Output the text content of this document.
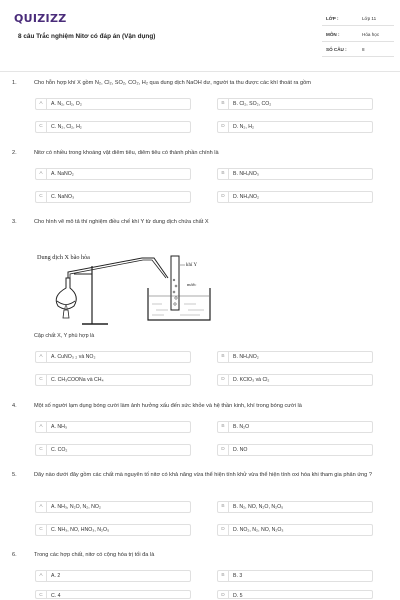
QUIZIZZ
8 câu Trắc nghiệm Nitơ có đáp án (Vận dụng)
LỚP :	Lớp 11
MÔN :	Hóa học
SỐ CÂU :	8
1.	Cho hỗn hợp khí X gồm N₂, Cl₂, SO₂, CO₂, H₂ qua dung dịch NaOH dư, người ta thu được các khí thoát ra gồm
A	A. N₂, Cl₂, O₂	B	B. Cl₂, SO₂, CO₂
C	C. N₂, Cl₂, H₂	D	D. N₂, H₂
2.	Nitơ có nhiều trong khoáng vật diêm tiêu, diêm tiêu có thành phần chính là
A	A. NaNO₂	B	B. NH₄NO₃
C	C. NaNO₃	D	D. NH₄NO₂
3.	Cho hình vẽ mô tả thí nghiệm điều chế khí Y từ dung dịch chứa chất X
Dung dịch X bão hòa
khí Y
nước
Cặp chất X, Y phù hợp là
A	A. CuNO₃ ₂ và NO₂	B	B. NH₄NO₂
C	C. CH₃COONa và CH₄	D	D. KClO₃ và Cl₂
4.	Một số người lạm dụng bóng cười làm ảnh hưởng xấu đến sức khỏe và hệ thần kinh, khí trong bóng cười là
A	A. NH₃	B	B. N₂O
C	C. CO₂	D	D. NO
5.	Dãy nào dưới đây gồm các chất mà nguyên tố nitơ có khả năng vừa thể hiện tính khử vừa thể hiện tính oxi hóa khi tham gia phản ứng ?
A	A. NH₃, N₂O, N₂, NO₂	B	B. N₂, NO, N₂O, N₂O₅
C	C. NH₃, NO, HNO₃, N₂O₅	D	D. NO₂, N₂, NO, N₂O₃
6.	Trong các hợp chất, nitơ có cộng hóa trị tối đa là
A	A. 2	B	B. 3
C	C. 4	D	D. 5
